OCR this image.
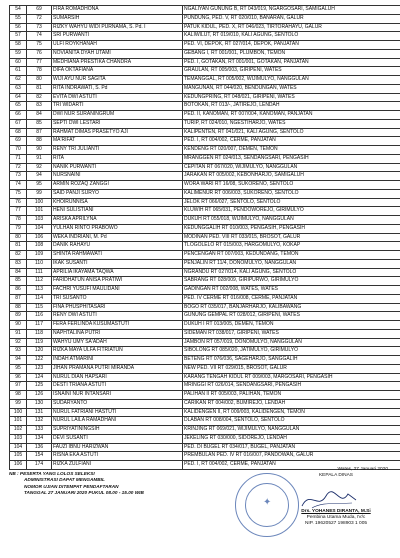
54	69	FIRA ROMADHONA	NGALIYAN GUNUNG B, RT 043/019, NGARGOSARI, SAMIGALUH
55	72	SUMARSIH	PUNDUNG, PED. V, RT 020/010, BANARAN, GALUR
56	73	RIZKY WAHYU WIDI PURNAMA, S. Pd. I	PATUK KIDUL, PED. X, RT 046/023, TIRTORAHAYU, GALUR
57	74	SRI PURWANTI	KALIWILUT, RT 019/010, KALI AGUNG, SENTOLO
58	75	ULFI ROYKHANAH	PED. VI, DEPOK, RT 027/014, DEPOK, PANJATAN
59	76	NOVIANITA DYAH UTAMI	GEBANG I, RT 001/001, PLUMBON, TEMON
60	77	MEDHIANA PRESTIKA CHANDRA	PED. I, GOTAKAN, RT 001/001, GOTAKAN, PANJATAN
61	78	DIFA OKTAFIANA	GRAULAN, RT 005/003, GIRIPENI, WATES
62	80	WIJI AYU NUR SAGITA	TEMANGGAL, RT 005/002, WIJIMULYO, NANGGULAN
63	81	RITA INDRAWATI, S. Pd	MANGUNAN, RT 044/020, BENDUNGAN, WATES
64	82	EVITA DWI ASTUTI	KEDUNGPRING, RT 048/021, GIRIPENI, WATES
65	83	TRI WIDARTI	BOTOKAN, RT 013/-, JATIREJO, LENDAH
66	84	DWI NUR SURANINGRUM	PED. II, KANOMAN, RT 007/004, KANOMAN, PANJATAN
67	85	SEPTI DWI LESTARI	TURIP, RT 024/010, NGESTIHARJO, WATES
68	87	RAHMAT DIMAS PRASETYO AJI	KALIPENTEN, RT 041/021, KALI AGUNG, SENTOLO
69	88	MA'RIFAT	PED. I, RT 004/002, CERME, PANJATAN
70	90	RENY TRI JULIANTI	KENDENG RT 020/007, DEMEN, TEMON
71	91	RITA	MRANGGEN RT 024/013, SENDANGSARI, PENGASIH
72	92	NANIK PURWANTI	CEPITAN RT 067/020, WIJIMULYO, NANGGULAN
73	94	NURSNAINI	JARAKAN RT 005/002, KEBONHARJO, SAMIGALUH
74	95	ARMIN ROZAQ ZANGGI	WORA WARI RT 16/08, SUKORENO, SENTOLO
75	99	SAID PANJI SURYO	KALIMENUR RT 006/003, SUKORENO, SENTOLO
76	100	KHOIRUNNISA	JELOK RT 066/027, SENTOLO, SENTOLO
77	101	HENI SULISTIANI	KLUWIH RT 065/031, PENDOWOREJO, GIRIMULYO
78	103	ARISKA APRILYNA	DUKUH RT 055/018, WIJIMULYO, NANGGULAN
79	104	YULHAN RINTO PRABOWO	KEDUNGGALIH RT 010/003, PENGASIH, PENGASIH
80	106	WEKA INDRIANI, M. Pd	MODINAN PED. VIII RT 033/015, BROSOT, GALUR
81	108	DANIK RAHAYU	TLOGOLELO RT 015/003, HARGOMULYO, KOKAP
82	109	SHINTA RAHMAWATI	PENCENGAN RT 007/003, KEDUNDANG, TEMON
83	110	IKAK SUSANTI	PENJALIN RT 11/4, DONOMULYO, NANGGULAN
84	111	APRILIA IKAYAMA TAQWA	NGRANDU RT 027/014, KALI AGUNG, SENTOLO
85	112	FARIDHATUN ANISA PRATIWI	SABRANG RT 028/009, GIRIPURWO, GIRIMULYO
86	113	FACHRI YUSUFI MAULIDANI	GADINGAN RT 002/008, WATES, WATES
87	114	TRI SUSANTO	PED. IV CERME RT 016/008, CERME, PANJATAN
88	115	FINA PHUSPHITASARI	BOGO RT 035/017, BANJARHARJO, KALIBAWANG
89	116	RENY DWI ASTUTI	GUNUNG GEMPAL RT 028/012, GIRIPENI, WATES
90	117	FERA FERLINDA KUSUMASTUTI	DUKUH I RT 013/005, DEMEN, TEMON
91	118	NAPHTALINA PUTRI	SIDEMAN RT 038/017, GIRIPENI, WATES
92	119	WAHYU UMY SA'ADAH	JAMBON RT 057/019, DONOMULYO, NANGGULAN
93	120	RIZKA MAYA ULFA FITRIATUN	SIBOLONG RT 085/020, JATIMULYO, GIRIMULYO
94	122	INDAH ATMARINI	BETENG RT 076/036, SAGEHARJO, SANGGALIH
95	123	JIHAN PRAMANA PUTRI MIRANDA	NEW PED. VII RT 029/015, BROSOT, GALUR
96	124	NURUL DIAN HAPSARI	KARANG TENGAH KIDUL RT 009/003, MARGOSARI, PENGASIH
97	125	DESTI TRIANA ASTUTI	MRINGGI RT 026/014, SENDANGSARI, PENGASIH
98	126	ISNAINI NUR INTANSARI	PALIHAN II RT 005/003, PALIHAN, TEMON
99	130	SUDARYANTO	CARIKAN RT 004/002, BUMIREJO, LENDAH
100	131	NURUL FATRIANI HASTUTI	KALIDENGEN II, RT 009/003, KALIDENGEN, TEMON
101	132	NURUL LAILA RAMADHANI	DLABAN RT 008/004, SENTOLO, SENTOLO
102	133	SUPRIYATININGSIH	KRINJING RT 069/021, WIJIMULYO, NANGGULAN
103	134	DEVI SUSANTI	JEKELING RT 030/000, SIDOREJO, LENDAH
104	136	FAUZI IBNU HARIZWAN	PED. DI BUGEL RT 034/017, BUGEL, PANJATAN
105	154	RISNA EKA ASTUTI	PREMBULAN PED. IV RT 016/007, PANDOWAN, GALUR
106	174	RIZKA ZULFIANI	PED. I, RT 004/002, CERME, PANJATAN
NB : PESERTA YANG LOLOS SELEKSI
ADMINISTRASI DAPAT MENGAMBIL
NOMOR UJIAN DITEMPAT PENDAFTARAN
TANGGAL 27 JANUARI 2020 PUKUL 08.00 - 15.00 WIB
✦
Wates, 27 Januari 2020
KEPALA DINAS
Drs. YOHANES DIRANTA, M.Si
Pembina Utama Muda, IV/c
NIP. 19620527 198903 1 005
